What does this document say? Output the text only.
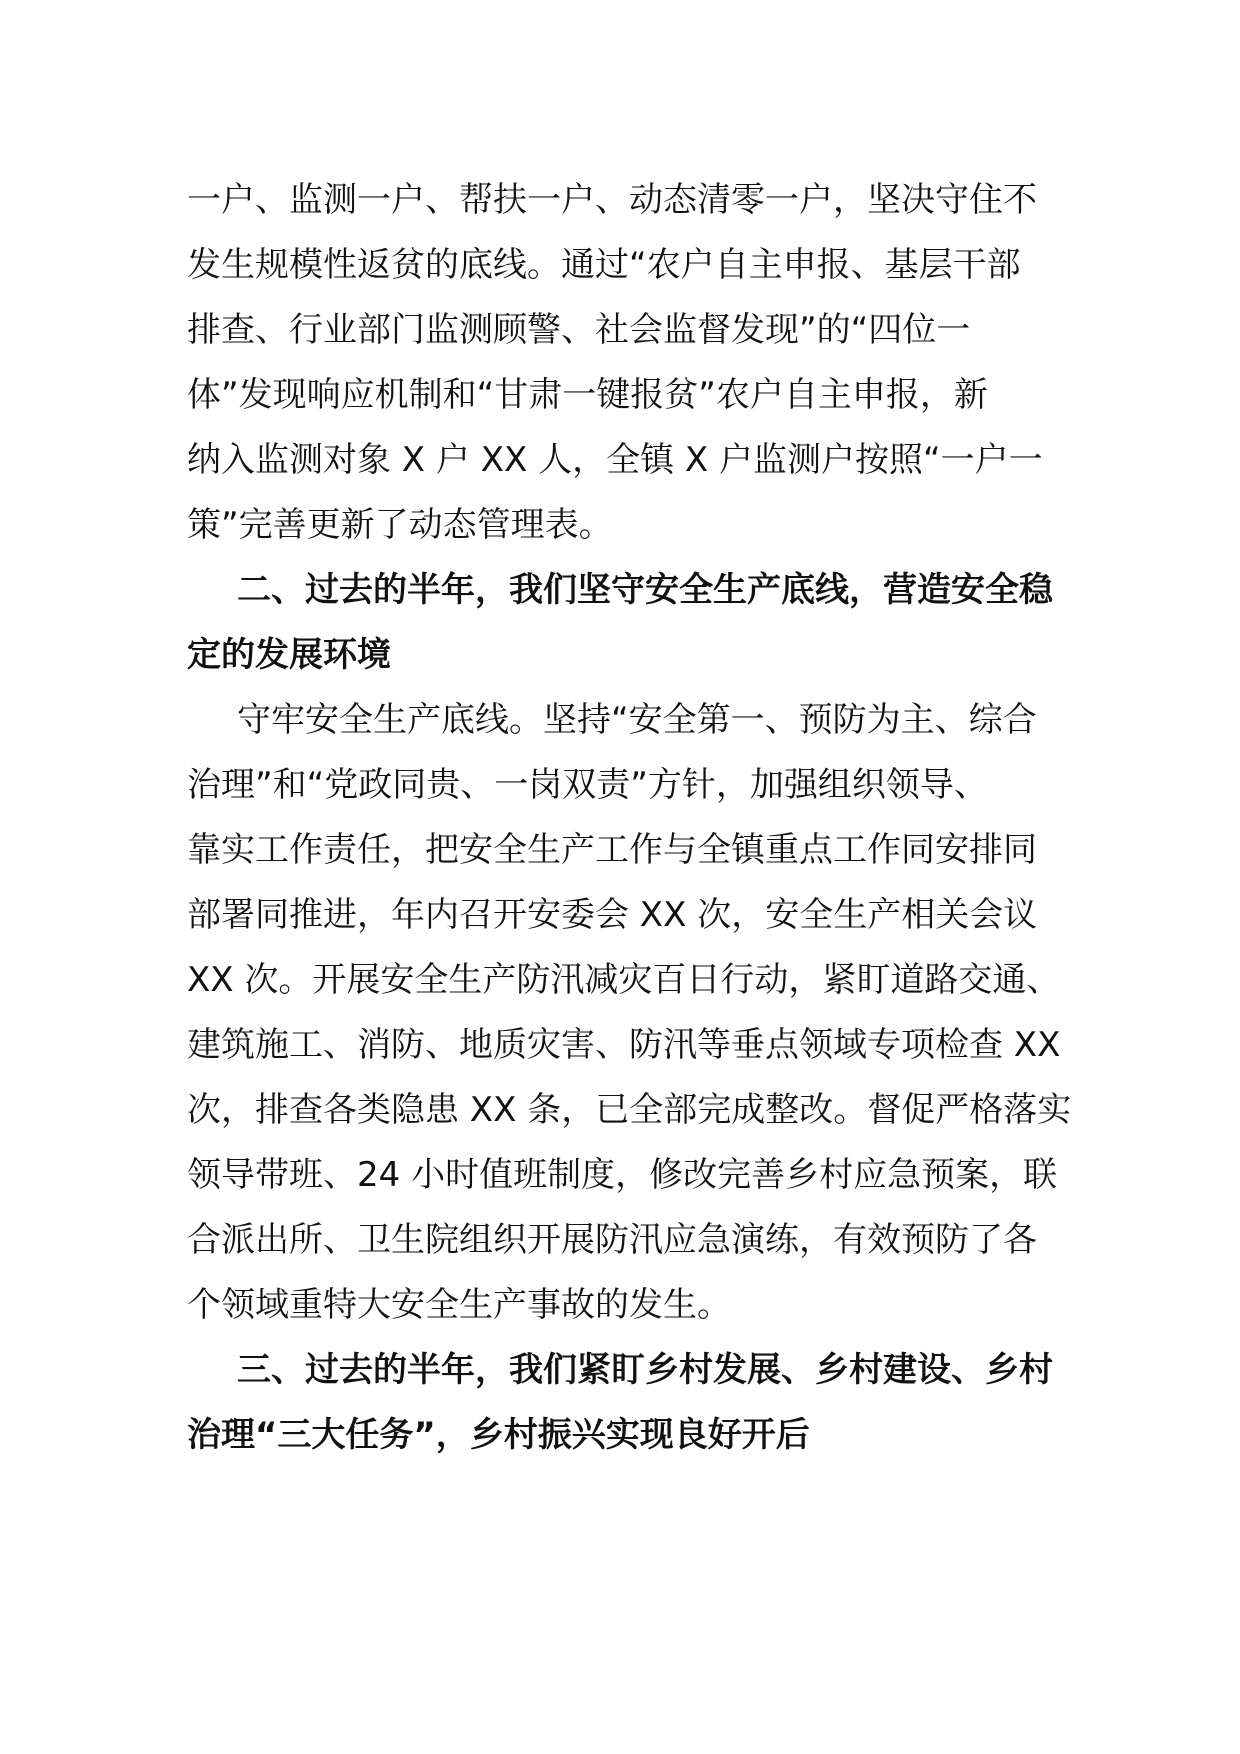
一户、监测一户、帮扶一户、动态清零一户，坚决守住不
发生规模性返贫的底线。通过“农户自主申报、基层干部
排查、行业部门监测顾警、社会监督发现”的“四位一
体”发现响应机制和“甘肃一键报贫”农户自主申报，新
纳入监测对象 X 户 XX 人，全镇 X 户监测户按照“一户一
策”完善更新了动态管理表。
二、过去的半年，我们坚守安全生产底线，营造安全稳
定的发展环境
守牢安全生产底线。坚持“安全第一、预防为主、综合
治理”和“党政同贵、一岗双责”方针，加强组织领导、
靠实工作责任，把安全生产工作与全镇重点工作同安排同
部署同推进，年内召开安委会 XX 次，安全生产相关会议
XX 次。开展安全生产防汛减灾百日行动，紧盯道路交通、
建筑施工、消防、地质灾害、防汛等垂点领域专项检查 XX
次，排查各类隐患 XX 条，已全部完成整改。督促严格落实
领导带班、24 小时值班制度，修改完善乡村应急预案，联
合派出所、卫生院组织开展防汛应急演练，有效预防了各
个领域重特大安全生产事故的发生。
三、过去的半年，我们紧盯乡村发展、乡村建设、乡村
治理“三大任务”，乡村振兴实现良好开后
